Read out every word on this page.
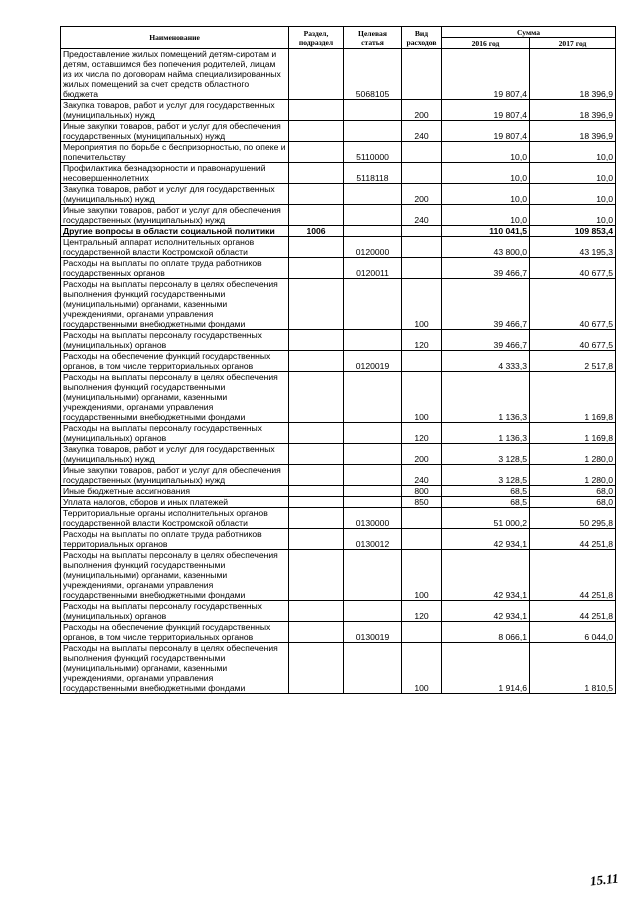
Наименование	Раздел, подраздел	Целевая статья	Вид расходов	Сумма	
				2016 год	2017 год
Предоставление жилых помещений детям-сиротам и детям, оставшимся без попечения родителей, лицам из их числа по договорам найма специализированных жилых помещений за счет средств областного бюджета		5068105		19 807,4	18 396,9
Закупка товаров, работ и услуг для государственных (муниципальных) нужд			200	19 807,4	18 396,9
Иные закупки товаров, работ и услуг для обеспечения государственных (муниципальных) нужд			240	19 807,4	18 396,9
Мероприятия по борьбе с беспризорностью, по опеке и попечительству		5110000		10,0	10,0
Профилактика безнадзорности и правонарушений несовершеннолетних		5118118		10,0	10,0
Закупка товаров, работ и услуг для государственных (муниципальных) нужд			200	10,0	10,0
Иные закупки товаров, работ и услуг для обеспечения государственных (муниципальных) нужд			240	10,0	10,0
Другие вопросы в области социальной политики	1006			110 041,5	109 853,4
Центральный аппарат исполнительных органов государственной власти Костромской области		0120000		43 800,0	43 195,3
Расходы на выплаты по оплате труда работников государственных органов		0120011		39 466,7	40 677,5
Расходы на выплаты персоналу в целях обеспечения выполнения функций государственными (муниципальными) органами, казенными учреждениями, органами управления государственными внебюджетными фондами			100	39 466,7	40 677,5
Расходы на выплаты персоналу государственных (муниципальных) органов			120	39 466,7	40 677,5
Расходы на обеспечение функций государственных органов, в том числе территориальных органов		0120019		4 333,3	2 517,8
Расходы на выплаты персоналу в целях обеспечения выполнения функций государственными (муниципальными) органами, казенными учреждениями, органами управления государственными внебюджетными фондами			100	1 136,3	1 169,8
Расходы на выплаты персоналу государственных (муниципальных) органов			120	1 136,3	1 169,8
Закупка товаров, работ и услуг для государственных (муниципальных) нужд			200	3 128,5	1 280,0
Иные закупки товаров, работ и услуг для обеспечения государственных (муниципальных) нужд			240	3 128,5	1 280,0
Иные бюджетные ассигнования			800	68,5	68,0
Уплата налогов, сборов и иных платежей			850	68,5	68,0
Территориальные органы исполнительных органов государственной власти Костромской области		0130000		51 000,2	50 295,8
Расходы на выплаты по оплате труда работников территориальных органов		0130012		42 934,1	44 251,8
Расходы на выплаты персоналу в целях обеспечения выполнения функций государственными (муниципальными) органами, казенными учреждениями, органами управления государственными внебюджетными фондами			100	42 934,1	44 251,8
Расходы на выплаты персоналу государственных (муниципальных) органов			120	42 934,1	44 251,8
Расходы на обеспечение функций государственных органов, в том числе территориальных органов		0130019		8 066,1	6 044,0
Расходы на выплаты персоналу в целях обеспечения выполнения функций государственными (муниципальными) органами, казенными учреждениями, органами управления государственными внебюджетными фондами			100	1 914,6	1 810,5
15.11
